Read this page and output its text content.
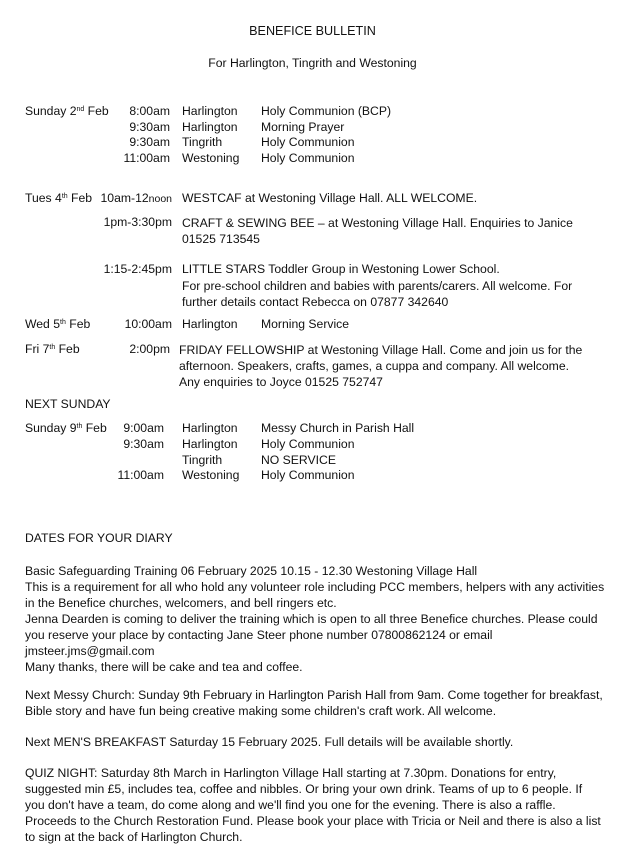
BENEFICE BULLETIN
For Harlington, Tingrith and Westoning
Sunday 2nd Feb 8:00am Harlington Holy Communion (BCP)
9:30am Harlington Morning Prayer
9:30am Tingrith	Holy Communion
11:00am Westoning Holy Communion
Tues 4th Feb 10am-12noon WESTCAF at Westoning Village Hall. ALL WELCOME.
1pm-3:30pm CRAFT & SEWING BEE – at Westoning Village Hall. Enquiries to Janice 01525 713545
1:15-2:45pm LITTLE STARS Toddler Group in Westoning Lower School.
For pre-school children and babies with parents/carers. All welcome. For further details contact Rebecca on 07877 342640
Wed 5th Feb	10:00am Harlington Morning Service
Fri 7th Feb	2:00pm FRIDAY FELLOWSHIP at Westoning Village Hall. Come and join us for the afternoon. Speakers, crafts, games, a cuppa and company. All welcome. Any enquiries to Joyce 01525 752747
NEXT SUNDAY
Sunday 9th Feb 9:00am Harlington Messy Church in Parish Hall
9:30am Harlington Holy Communion
Tingrith	NO SERVICE
11:00am Westoning Holy Communion
DATES FOR YOUR DIARY
Basic Safeguarding Training 06 February 2025 10.15 - 12.30 Westoning Village Hall
This is a requirement for all who hold any volunteer role including PCC members, helpers with any activities in the Benefice churches, welcomers, and bell ringers etc.
Jenna Dearden is coming to deliver the training which is open to all three Benefice churches. Please could you reserve your place by contacting Jane Steer phone number 07800862124 or email
jmsteer.jms@gmail.com
Many thanks, there will be cake and tea and coffee.
Next Messy Church: Sunday 9th February in Harlington Parish Hall from 9am. Come together for breakfast, Bible story and have fun being creative making some children's craft work. All welcome.
Next MEN'S BREAKFAST Saturday 15 February 2025. Full details will be available shortly.
QUIZ NIGHT: Saturday 8th March in Harlington Village Hall starting at 7.30pm. Donations for entry, suggested min £5, includes tea, coffee and nibbles. Or bring your own drink. Teams of up to 6 people. If you don't have a team, do come along and we'll find you one for the evening. There is also a raffle. Proceeds to the Church Restoration Fund. Please book your place with Tricia or Neil and there is also a list to sign at the back of Harlington Church.
